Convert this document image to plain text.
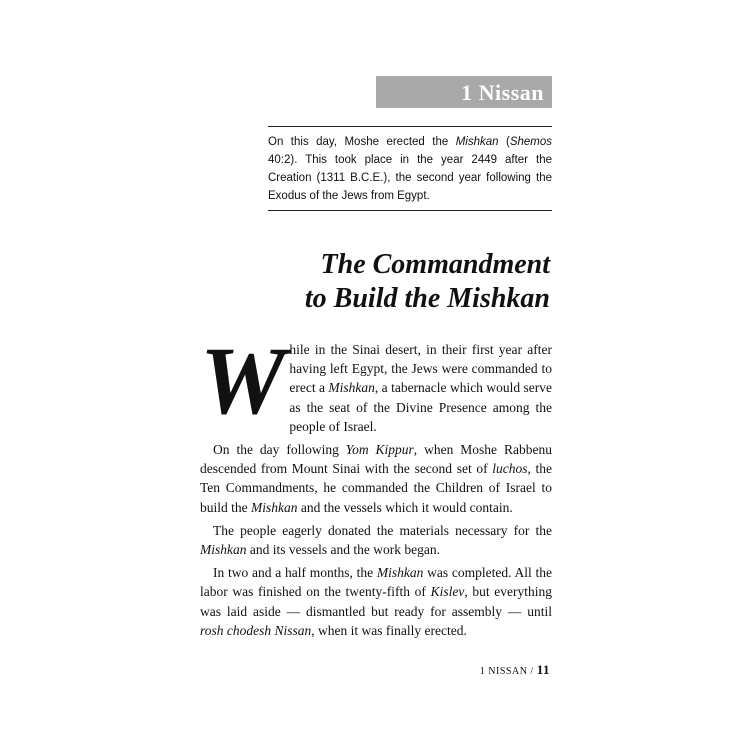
1 Nissan
On this day, Moshe erected the Mishkan (Shemos 40:2). This took place in the year 2449 after the Creation (1311 B.C.E.), the second year following the Exodus of the Jews from Egypt.
The Commandment
to Build the Mishkan

While in the Sinai desert, in their first year after having left Egypt, the Jews were commanded to erect a Mishkan, a tabernacle which would serve as the seat of the Divine Presence among the people of Israel.

On the day following Yom Kippur, when Moshe Rabbenu descended from Mount Sinai with the second set of luchos, the Ten Commandments, he commanded the Children of Israel to build the Mishkan and the vessels which it would contain.

The people eagerly donated the materials necessary for the Mishkan and its vessels and the work began.

In two and a half months, the Mishkan was completed. All the labor was finished on the twenty-fifth of Kislev, but everything was laid aside — dismantled but ready for assembly — until rosh chodesh Nissan, when it was finally erected.

1 NISSAN / 11
